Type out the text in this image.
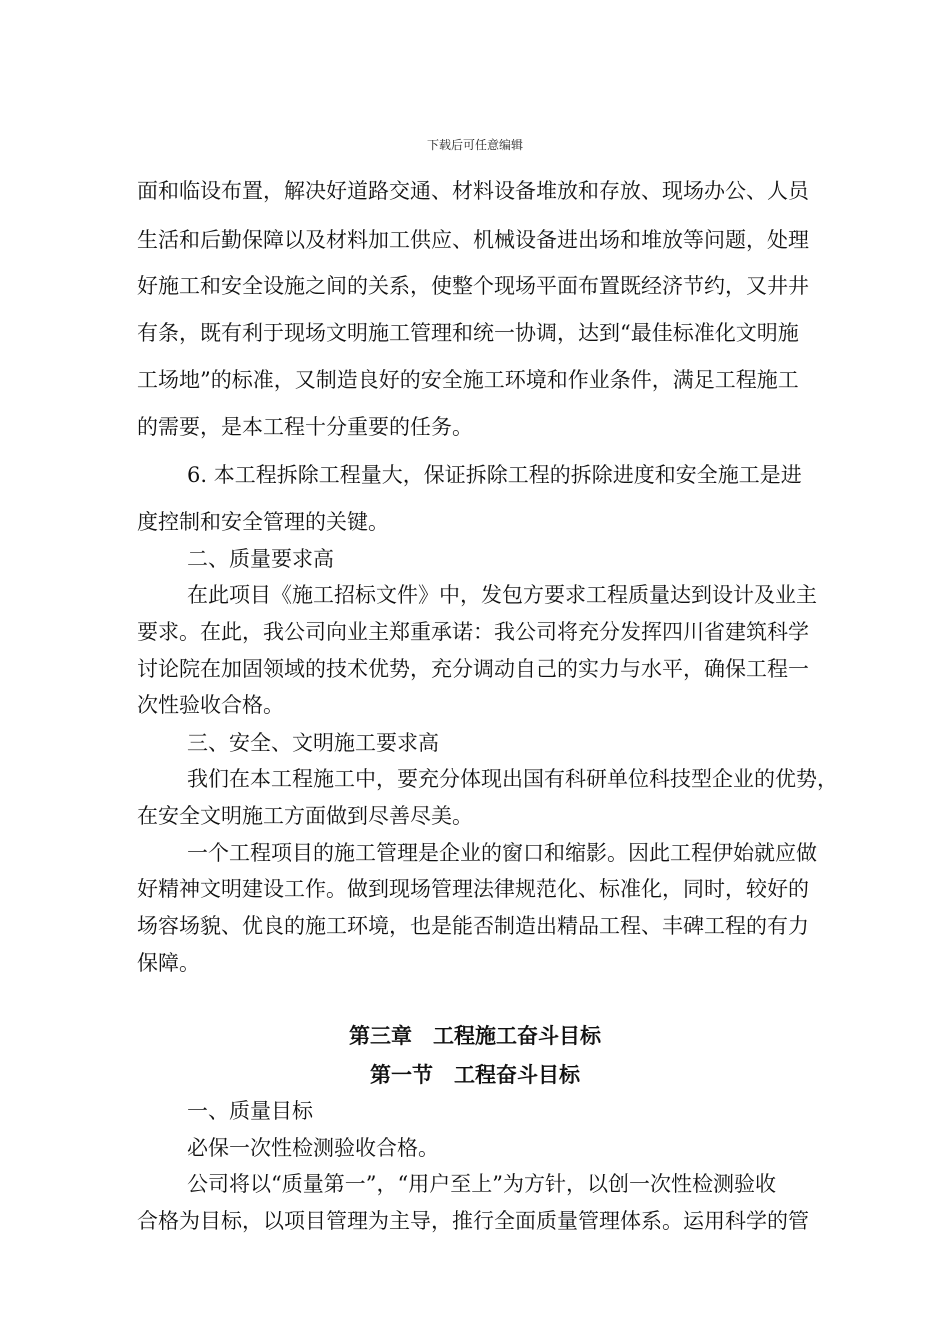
下载后可任意编辑
面和临设布置，解决好道路交通、材料设备堆放和存放、现场办公、人员
生活和后勤保障以及材料加工供应、机械设备进出场和堆放等问题，处理
好施工和安全设施之间的关系，使整个现场平面布置既经济节约，又井井
有条，既有利于现场文明施工管理和统一协调，达到“最佳标准化文明施
工场地”的标准，又制造良好的安全施工环境和作业条件，满足工程施工
的需要，是本工程十分重要的任务。
6. 本工程拆除工程量大，保证拆除工程的拆除进度和安全施工是进
度控制和安全管理的关键。
二、质量要求高
在此项目《施工招标文件》中，发包方要求工程质量达到设计及业主
要求。在此，我公司向业主郑重承诺：我公司将充分发挥四川省建筑科学
讨论院在加固领域的技术优势，充分调动自己的实力与水平，确保工程一
次性验收合格。
三、安全、文明施工要求高
我们在本工程施工中，要充分体现出国有科研单位科技型企业的优势，
在安全文明施工方面做到尽善尽美。
一个工程项目的施工管理是企业的窗口和缩影。因此工程伊始就应做
好精神文明建设工作。做到现场管理法律规范化、标准化，同时，较好的
场容场貌、优良的施工环境，也是能否制造出精品工程、丰碑工程的有力
保障。
第三章　工程施工奋斗目标
第一节　工程奋斗目标
一、质量目标
必保一次性检测验收合格。
公司将以“质量第一”，“用户至上”为方针，以创一次性检测验收
合格为目标，以项目管理为主导，推行全面质量管理体系。运用科学的管
